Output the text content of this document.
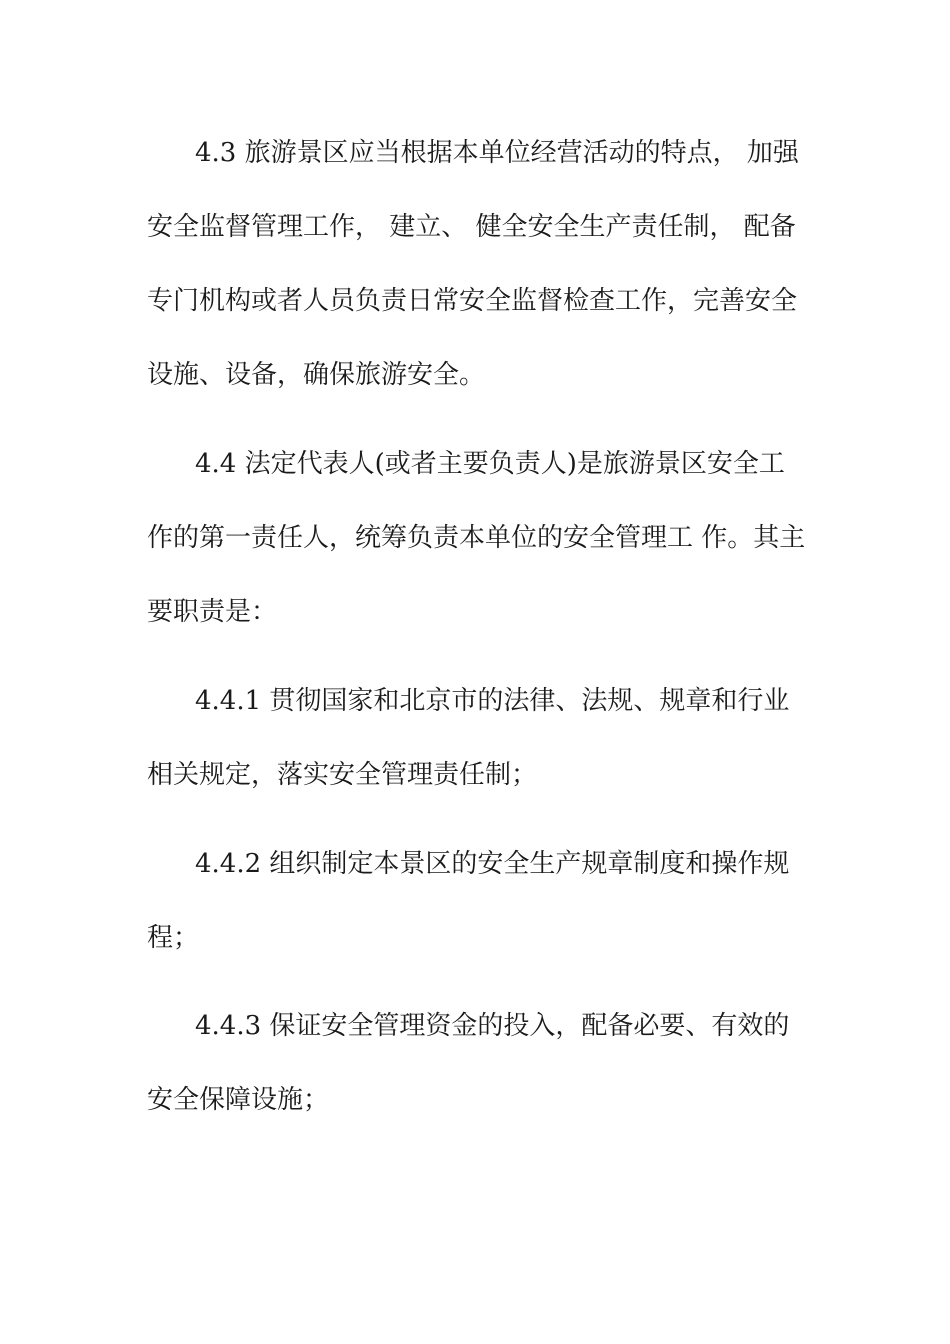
4.3 旅游景区应当根据本单位经营活动的特点， 加强
安全监督管理工作， 建立、 健全安全生产责任制， 配备
专门机构或者人员负责日常安全监督检查工作，完善安全
设施、设备，确保旅游安全。
4.4 法定代表人(或者主要负责人)是旅游景区安全工
作的第一责任人，统筹负责本单位的安全管理工 作。其主
要职责是：
4.4.1 贯彻国家和北京市的法律、法规、规章和行业
相关规定，落实安全管理责任制；
4.4.2 组织制定本景区的安全生产规章制度和操作规
程；
4.4.3 保证安全管理资金的投入，配备必要、有效的
安全保障设施；
